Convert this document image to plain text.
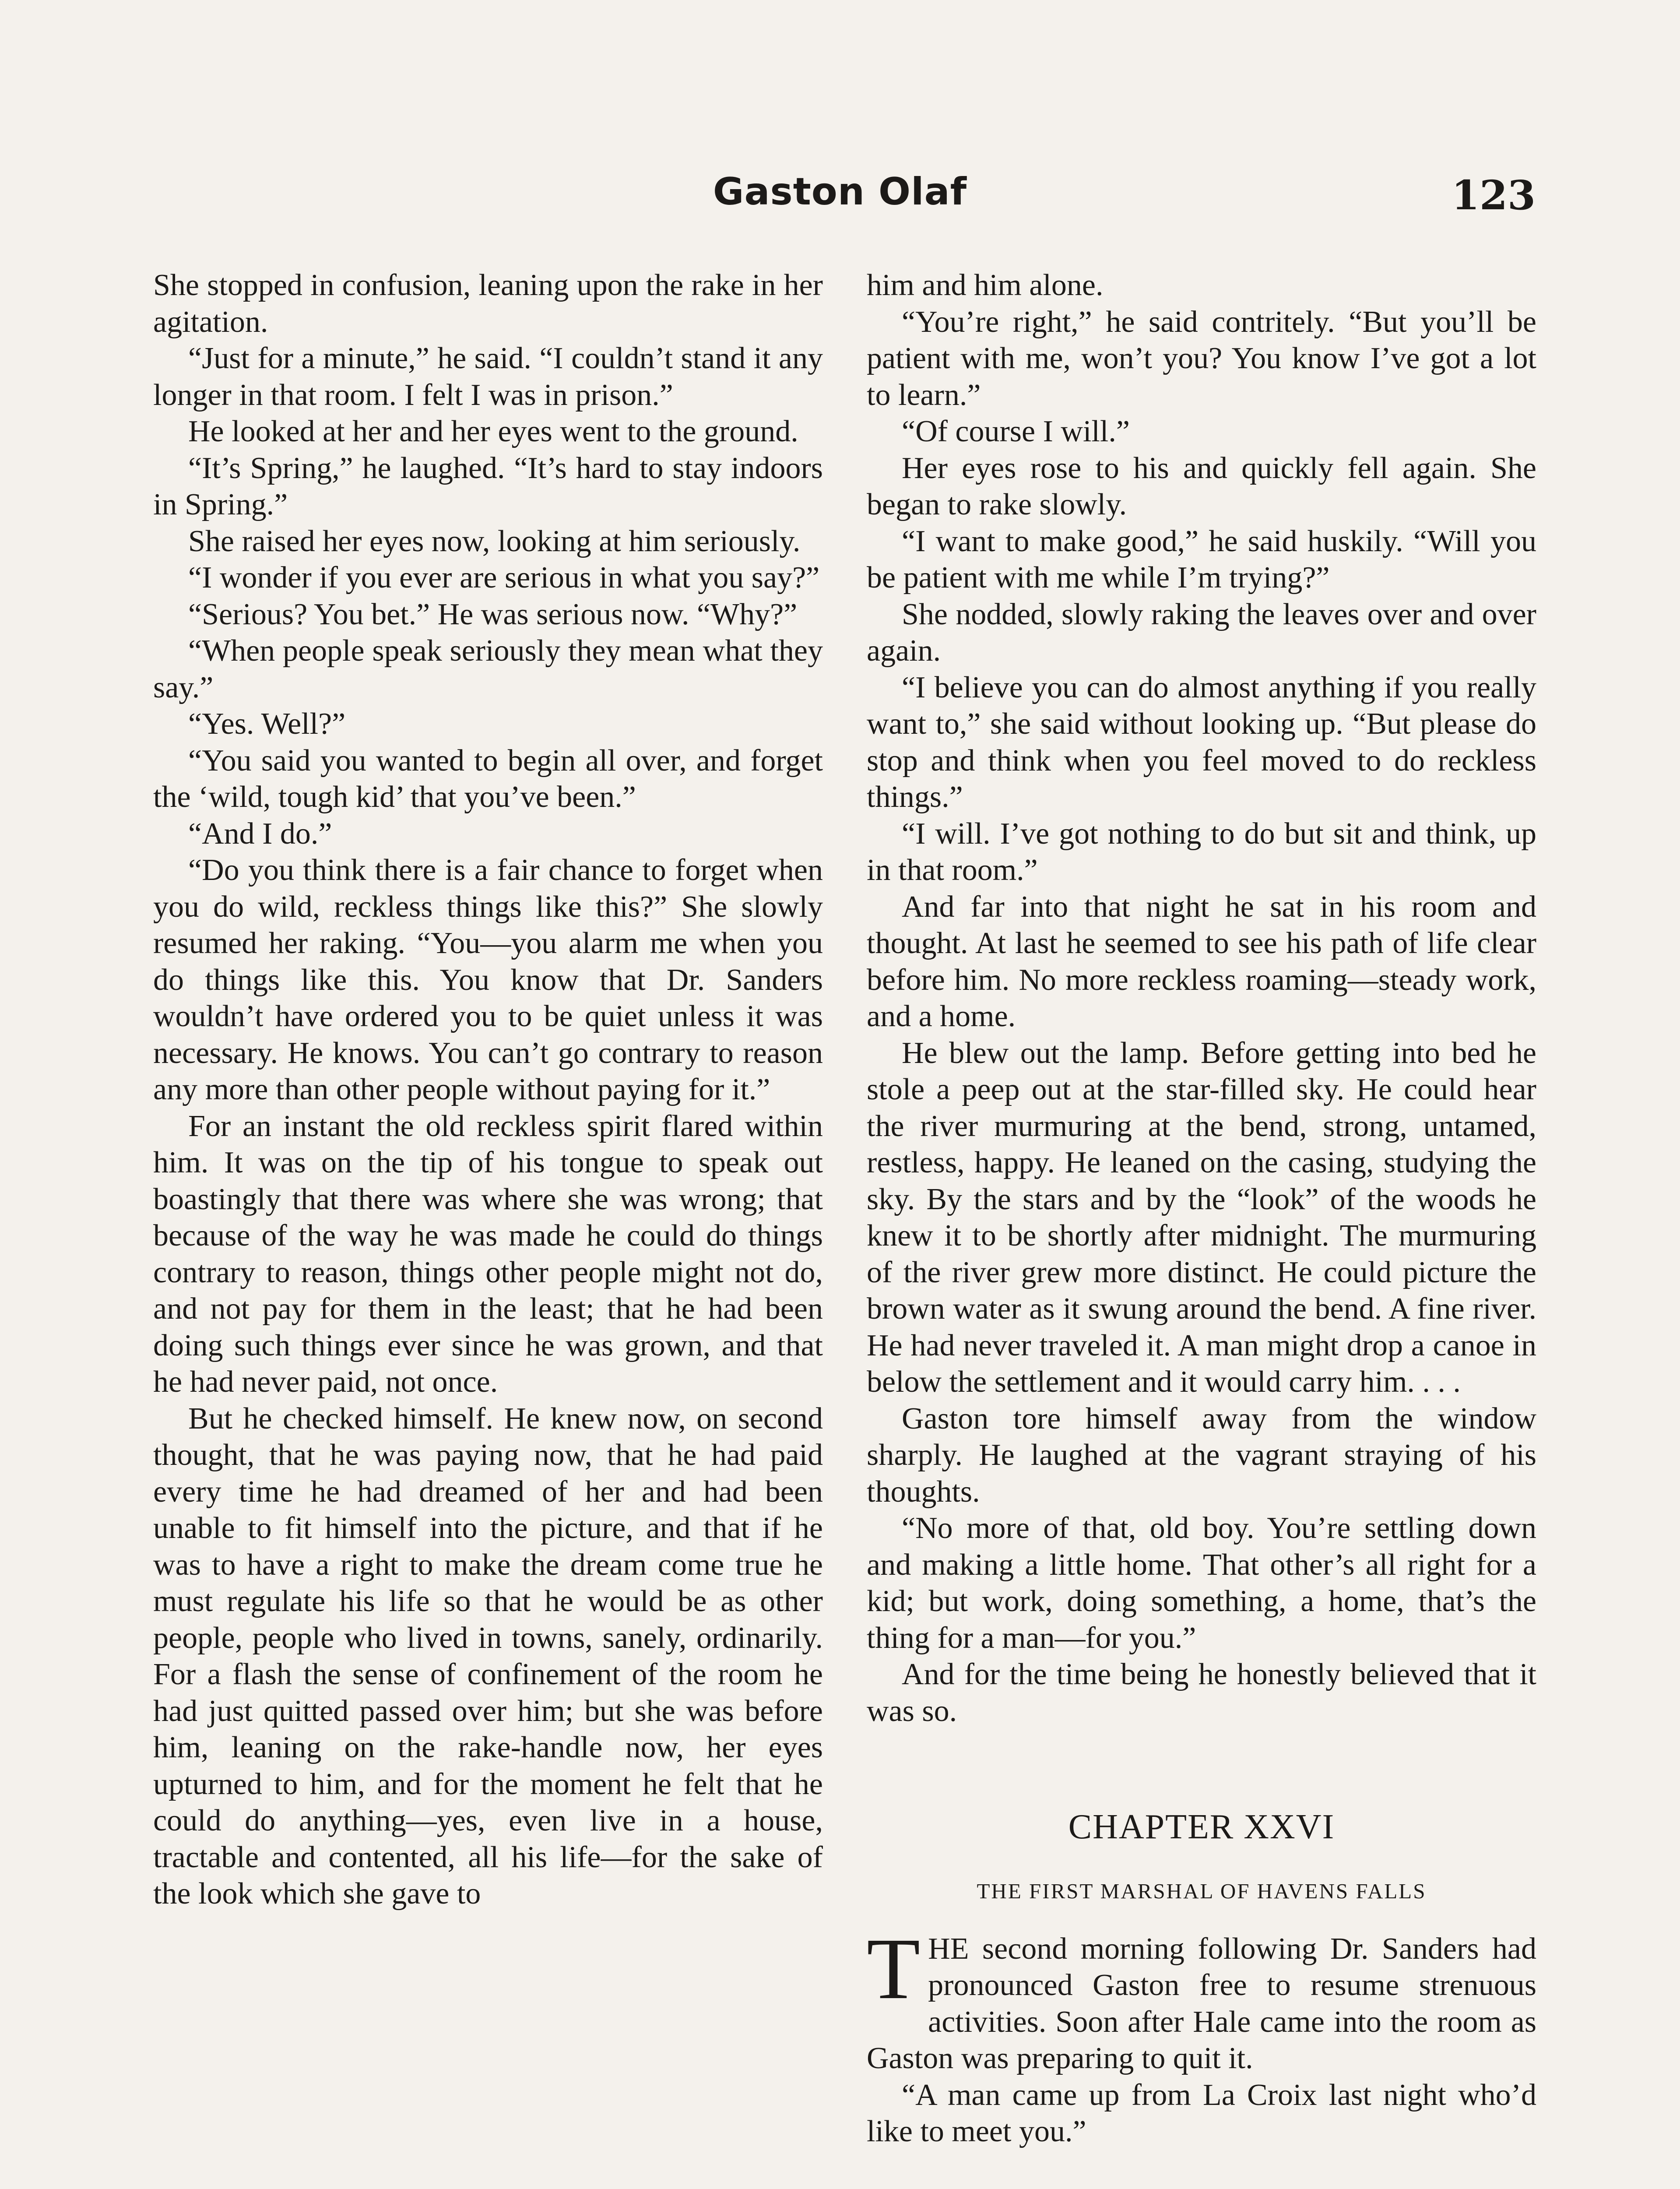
Gaston Olaf	123

She stopped in confusion, leaning upon the rake in her agitation.

“Just for a minute,” he said. “I couldn’t stand it any longer in that room. I felt I was in prison.”

He looked at her and her eyes went to the ground.

“It’s Spring,” he laughed. “It’s hard to stay indoors in Spring.”

She raised her eyes now, looking at him seriously.

“I wonder if you ever are serious in what you say?”

“Serious? You bet.” He was serious now. “Why?”

“When people speak seriously they mean what they say.”

“Yes. Well?”

“You said you wanted to begin all over, and forget the ‘wild, tough kid’ that you’ve been.”

“And I do.”

“Do you think there is a fair chance to forget when you do wild, reckless things like this?” She slowly resumed her raking. “You—you alarm me when you do things like this. You know that Dr. Sanders wouldn’t have ordered you to be quiet unless it was necessary. He knows. You can’t go contrary to reason any more than other people without paying for it.”

For an instant the old reckless spirit flared within him. It was on the tip of his tongue to speak out boastingly that there was where she was wrong; that because of the way he was made he could do things contrary to reason, things other people might not do, and not pay for them in the least; that he had been doing such things ever since he was grown, and that he had never paid, not once.

But he checked himself. He knew now, on second thought, that he was paying now, that he had paid every time he had dreamed of her and had been unable to fit himself into the picture, and that if he was to have a right to make the dream come true he must regulate his life so that he would be as other people, people who lived in towns, sanely, ordinarily. For a flash the sense of confinement of the room he had just quitted passed over him; but she was before him, leaning on the rake-handle now, her eyes upturned to him, and for the moment he felt that he could do anything—yes, even live in a house, tractable and contented, all his life—for the sake of the look which she gave to

him and him alone.

“You’re right,” he said contritely. “But you’ll be patient with me, won’t you? You know I’ve got a lot to learn.”

“Of course I will.”

Her eyes rose to his and quickly fell again. She began to rake slowly.

“I want to make good,” he said huskily. “Will you be patient with me while I’m trying?”

She nodded, slowly raking the leaves over and over again.

“I believe you can do almost anything if you really want to,” she said without looking up. “But please do stop and think when you feel moved to do reckless things.”

“I will. I’ve got nothing to do but sit and think, up in that room.”

And far into that night he sat in his room and thought. At last he seemed to see his path of life clear before him. No more reckless roaming—steady work, and a home.

He blew out the lamp. Before getting into bed he stole a peep out at the star-filled sky. He could hear the river murmuring at the bend, strong, untamed, restless, happy. He leaned on the casing, studying the sky. By the stars and by the “look” of the woods he knew it to be shortly after midnight. The murmuring of the river grew more distinct. He could picture the brown water as it swung around the bend. A fine river. He had never traveled it. A man might drop a canoe in below the settlement and it would carry him. . . .

Gaston tore himself away from the window sharply. He laughed at the vagrant straying of his thoughts.

“No more of that, old boy. You’re settling down and making a little home. That other’s all right for a kid; but work, doing something, a home, that’s the thing for a man—for you.”

And for the time being he honestly believed that it was so.

CHAPTER XXVI
THE FIRST MARSHAL OF HAVENS FALLS

THE second morning following Dr. Sanders had pronounced Gaston free to resume strenuous activities. Soon after Hale came into the room as Gaston was preparing to quit it.

“A man came up from La Croix last night who’d like to meet you.”
